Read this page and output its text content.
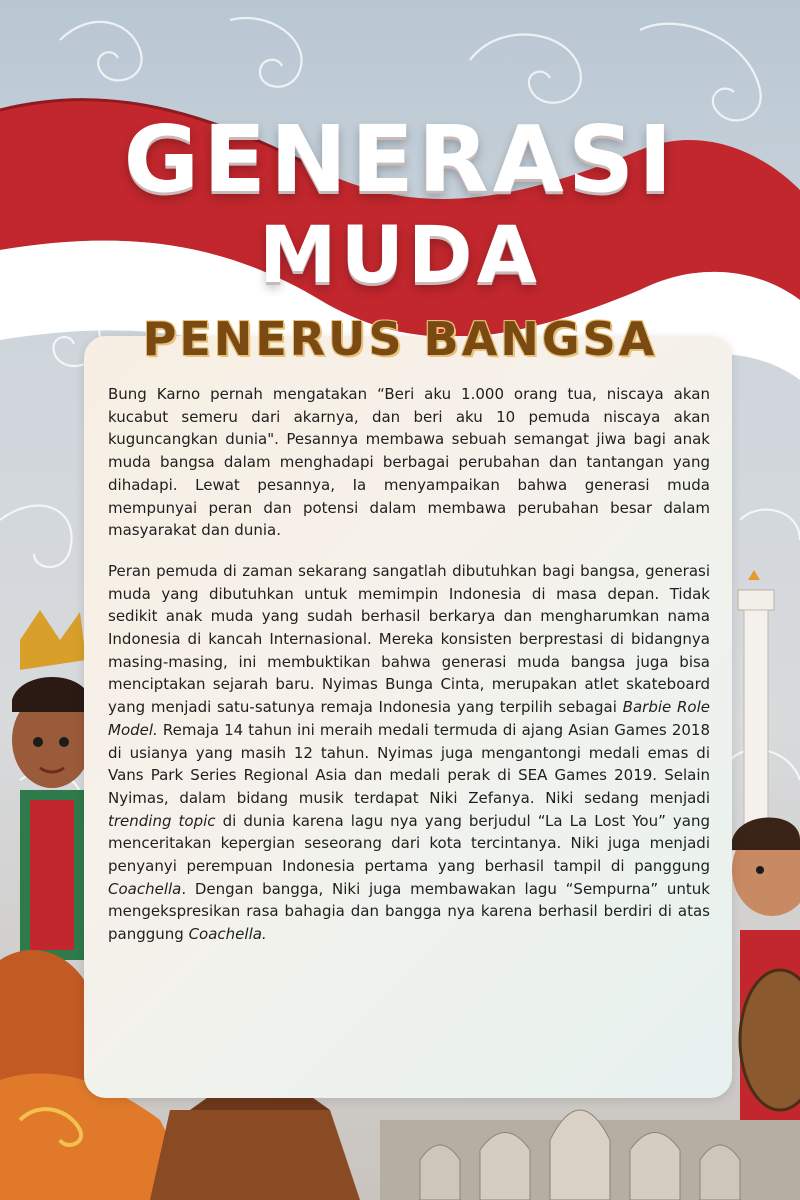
GENERASI
MUDA
PENERUS BANGSA

Bung Karno pernah mengatakan “Beri aku 1.000 orang tua, niscaya akan kucabut semeru dari akarnya, dan beri aku 10 pemuda niscaya akan kuguncangkan dunia". Pesannya membawa sebuah semangat jiwa bagi anak muda bangsa dalam menghadapi berbagai perubahan dan tantangan yang dihadapi. Lewat pesannya, Ia menyampaikan bahwa generasi muda mempunyai peran dan potensi dalam membawa perubahan besar dalam masyarakat dan dunia.

Peran pemuda di zaman sekarang sangatlah dibutuhkan bagi bangsa, generasi muda yang dibutuhkan untuk memimpin Indonesia di masa depan. Tidak sedikit anak muda yang sudah berhasil berkarya dan mengharumkan nama Indonesia di kancah Internasional. Mereka konsisten berprestasi di bidangnya masing-masing, ini membuktikan bahwa generasi muda bangsa juga bisa menciptakan sejarah baru. Nyimas Bunga Cinta, merupakan atlet skateboard yang menjadi satu-satunya remaja Indonesia yang terpilih sebagai Barbie Role Model. Remaja 14 tahun ini meraih medali termuda di ajang Asian Games 2018 di usianya yang masih 12 tahun. Nyimas juga mengantongi medali emas di Vans Park Series Regional Asia dan medali perak di SEA Games 2019. Selain Nyimas, dalam bidang musik terdapat Niki Zefanya. Niki sedang menjadi trending topic di dunia karena lagu nya yang berjudul “La La Lost You” yang menceritakan kepergian seseorang dari kota tercintanya. Niki juga menjadi penyanyi perempuan Indonesia pertama yang berhasil tampil di panggung Coachella. Dengan bangga, Niki juga membawakan lagu “Sempurna” untuk mengekspresikan rasa bahagia dan bangga nya karena berhasil berdiri di atas panggung Coachella.
